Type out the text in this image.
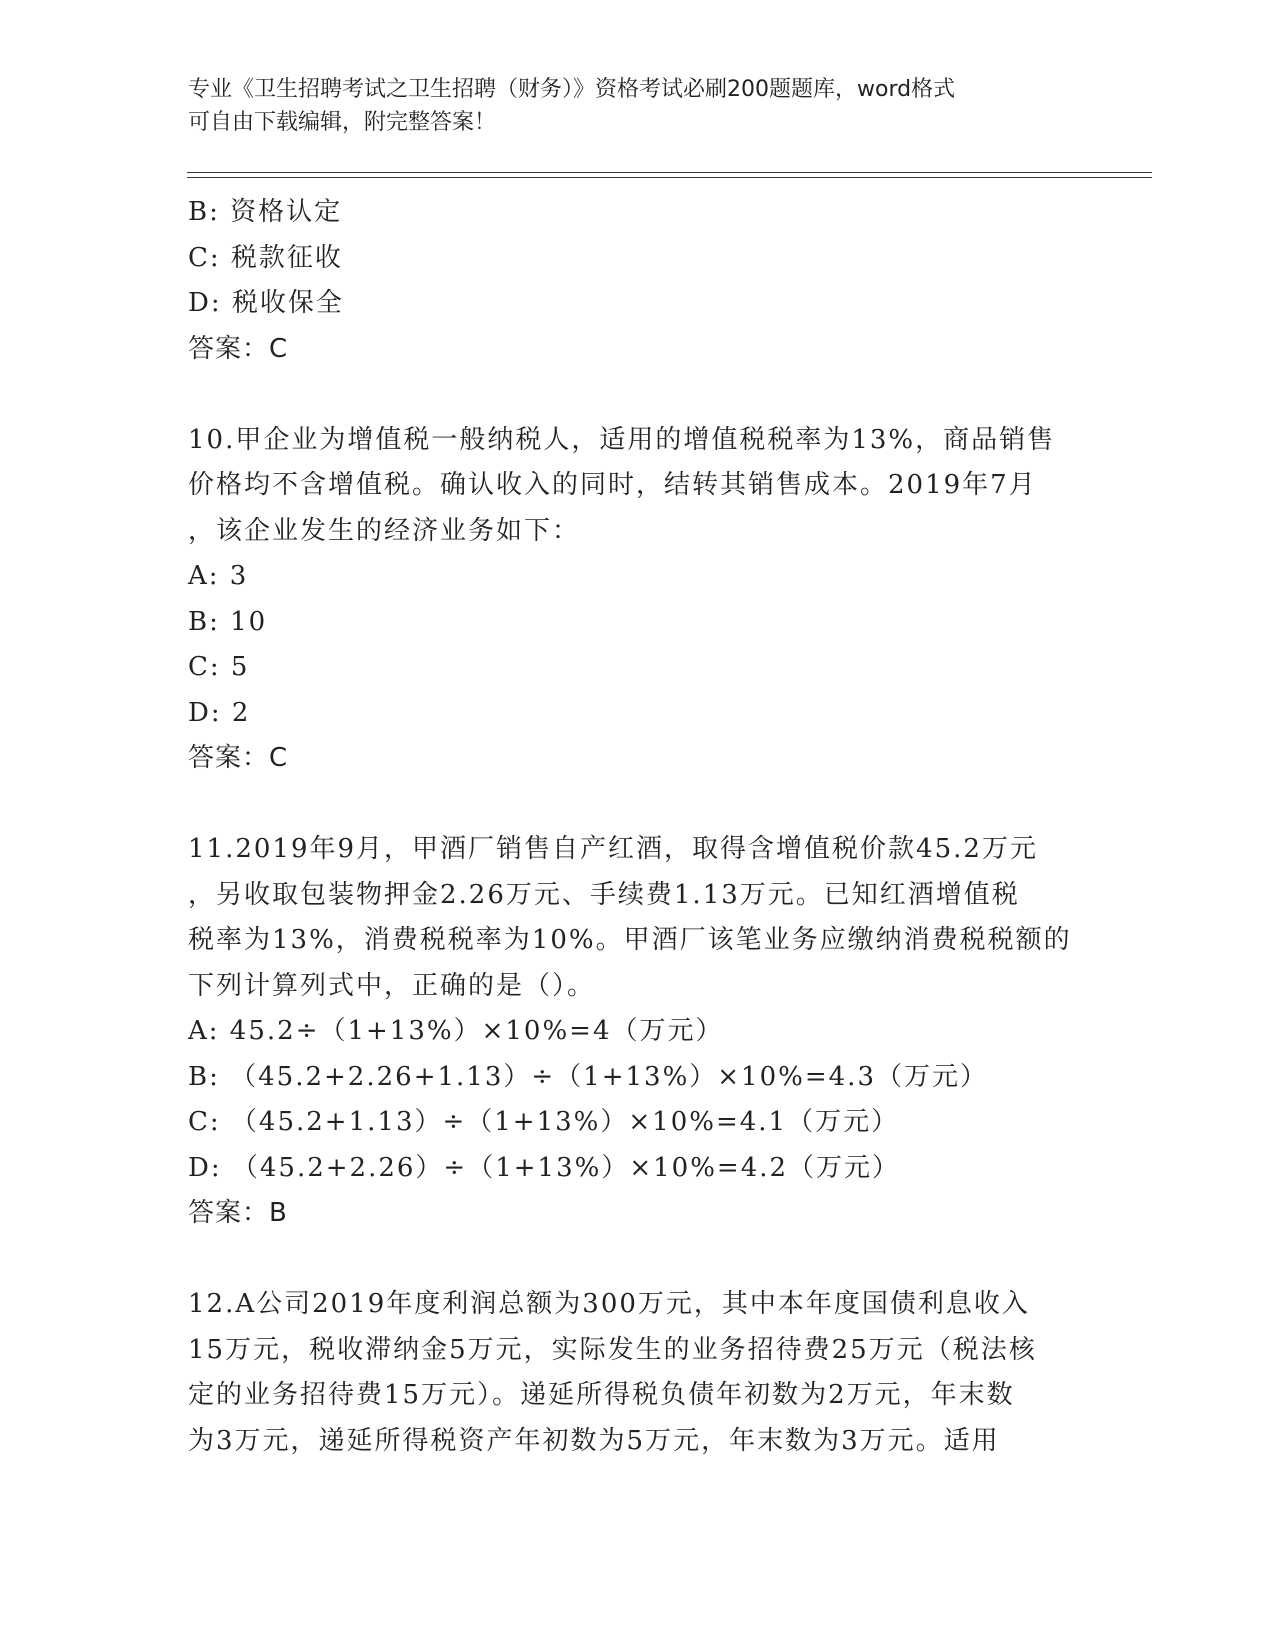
专业《卫生招聘考试之卫生招聘（财务）》资格考试必刷200题题库，word格式
可自由下载编辑，附完整答案！
B: 资格认定
C: 税款征收
D: 税收保全
答案：C
10.甲企业为增值税一般纳税人，适用的增值税税率为13%，商品销售
价格均不含增值税。确认收入的同时，结转其销售成本。2019年7月
，该企业发生的经济业务如下：
A: 3
B: 10
C: 5
D: 2
答案：C
11.2019年9月，甲酒厂销售自产红酒，取得含增值税价款45.2万元
，另收取包装物押金2.26万元、手续费1.13万元。已知红酒增值税
税率为13%，消费税税率为10%。甲酒厂该笔业务应缴纳消费税税额的
下列计算列式中，正确的是（）。
A: 45.2÷（1+13%）×10%=4（万元）
B: （45.2+2.26+1.13）÷（1+13%）×10%=4.3（万元）
C: （45.2+1.13）÷（1+13%）×10%=4.1（万元）
D: （45.2+2.26）÷（1+13%）×10%=4.2（万元）
答案：B
12.A公司2019年度利润总额为300万元，其中本年度国债利息收入
15万元，税收滞纳金5万元，实际发生的业务招待费25万元（税法核
定的业务招待费15万元）。递延所得税负债年初数为2万元，年末数
为3万元，递延所得税资产年初数为5万元，年末数为3万元。适用
